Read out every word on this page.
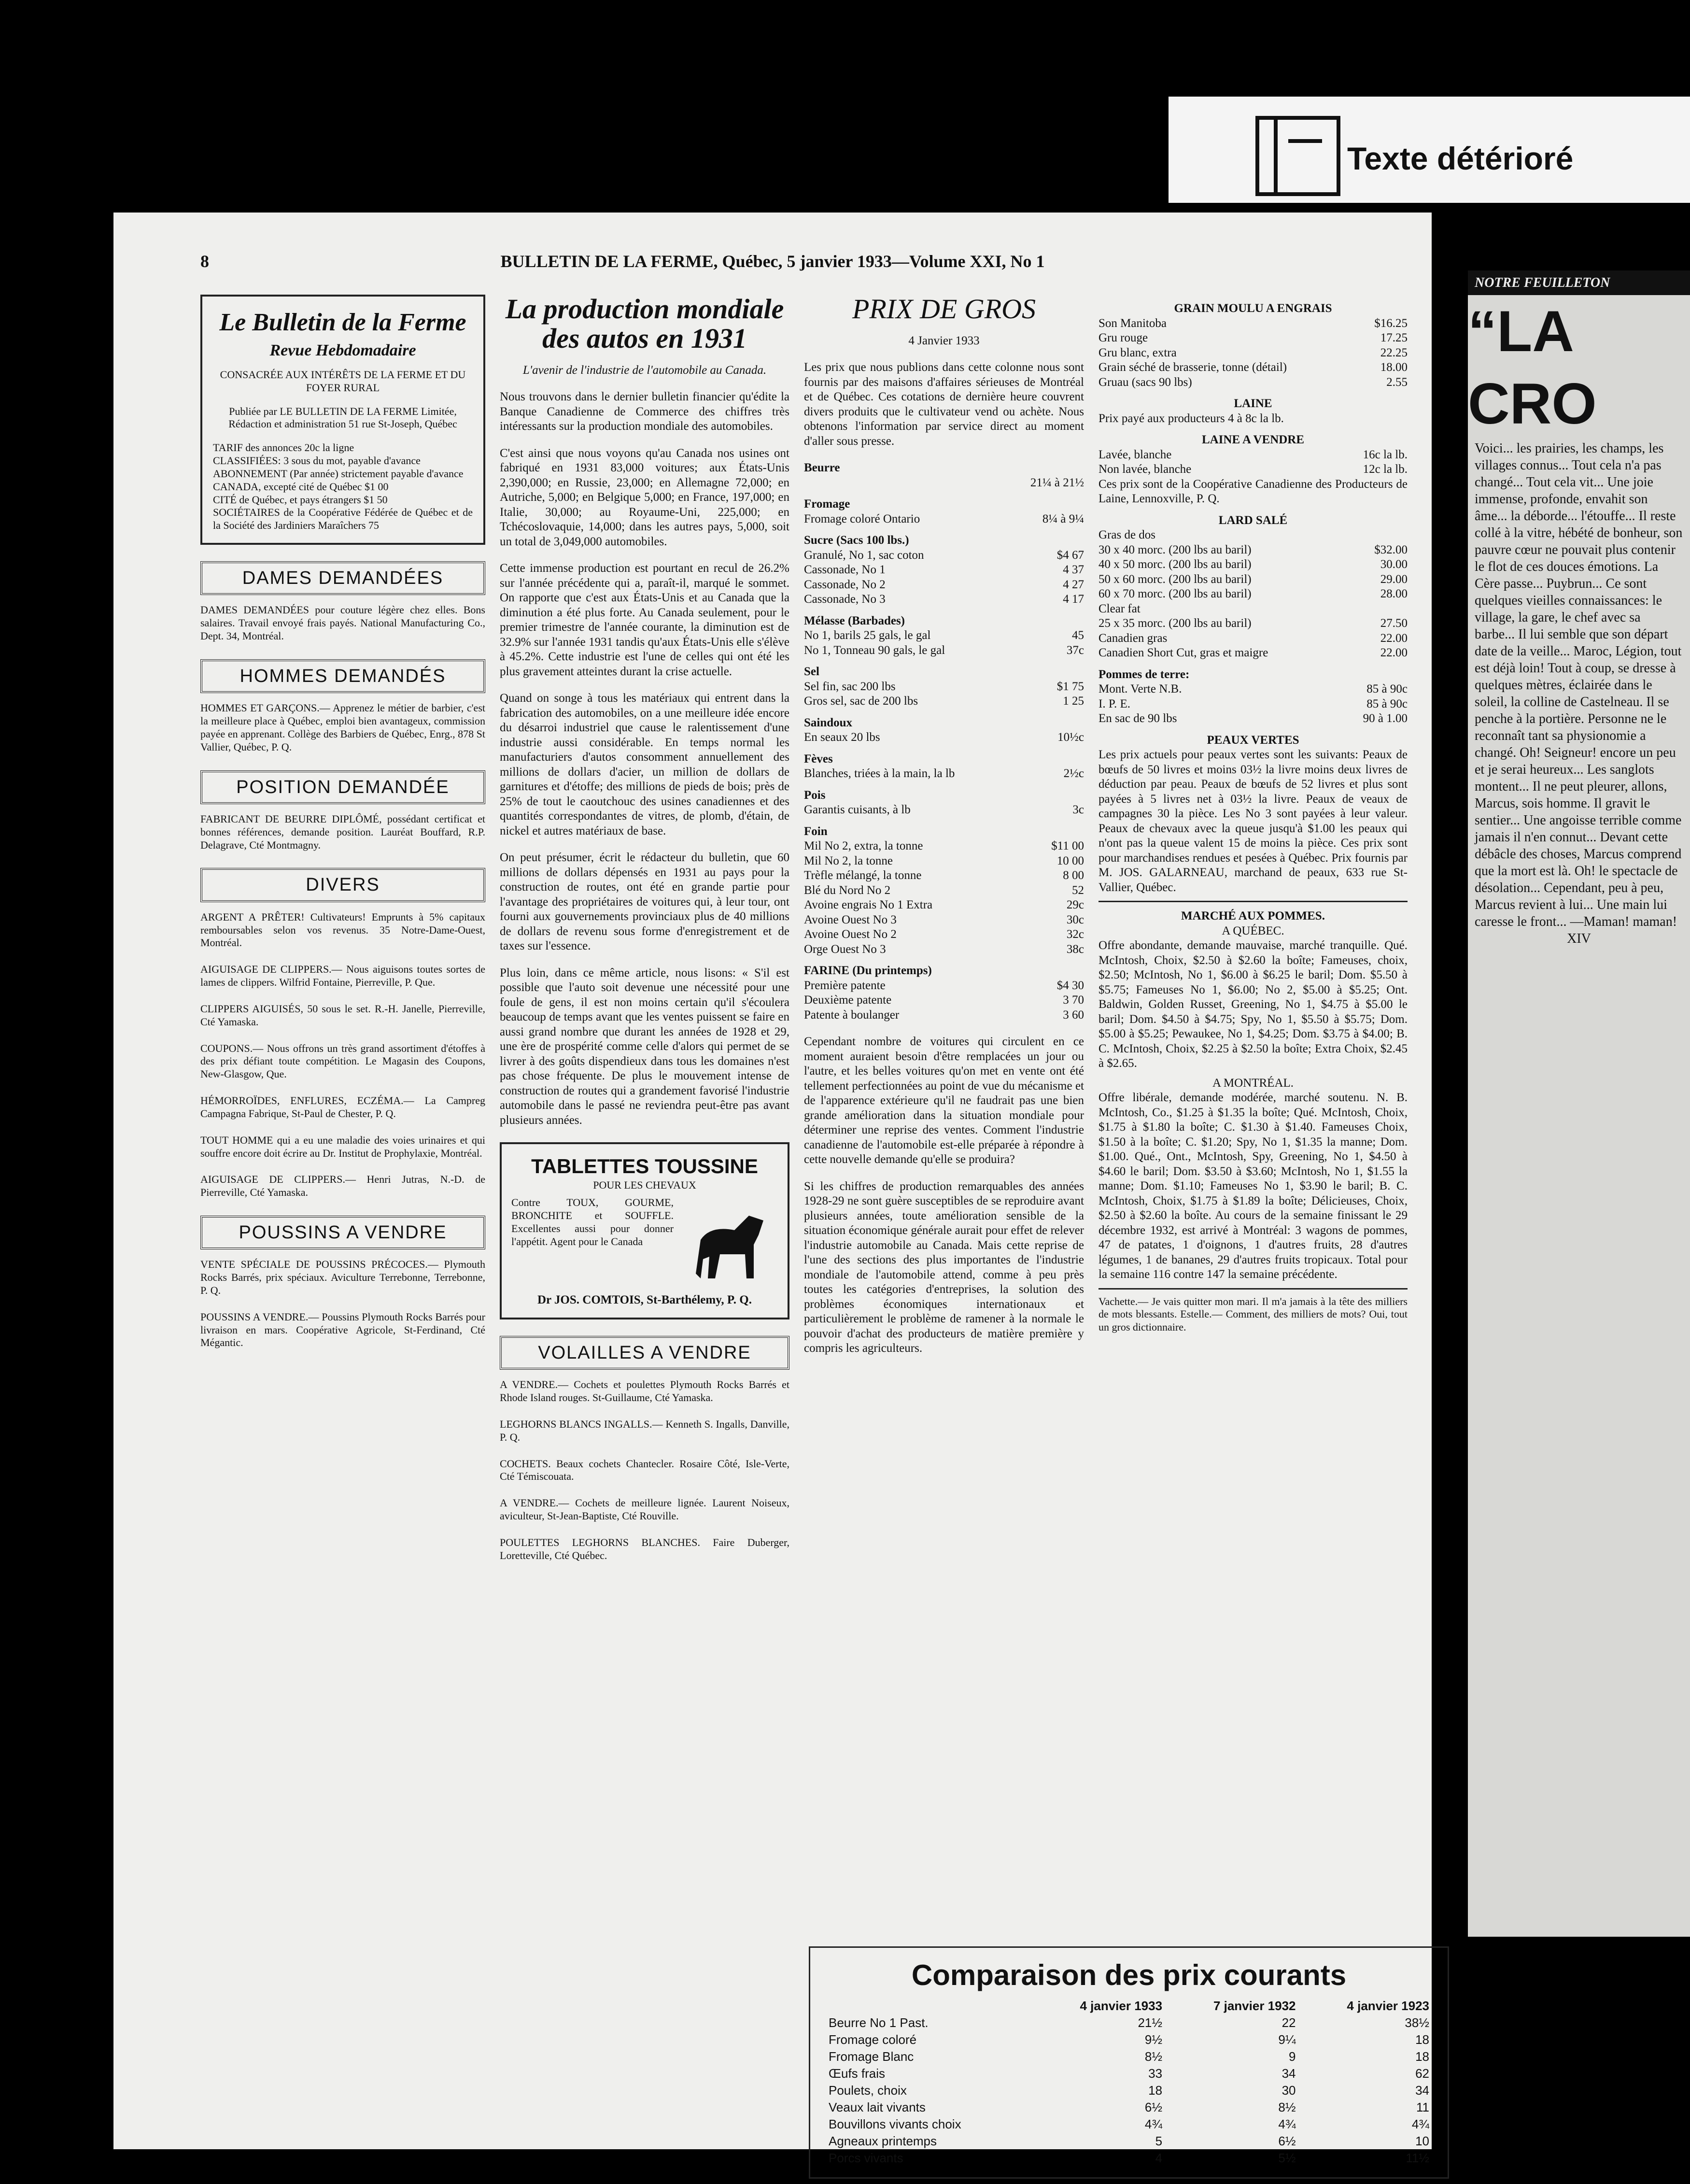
Texte détérioré
8	BULLETIN DE LA FERME, Québec, 5 janvier 1933—Volume XXI, No 1
Le Bulletin de la Ferme
Revue Hebdomadaire
CONSACRÉE AUX INTÉRÊTS DE LA FERME ET DU FOYER RURAL

Publiée par LE BULLETIN DE LA FERME Limitée, Rédaction et administration 51 rue St-Joseph, Québec

TARIF des annonces 20c la ligne
CLASSIFIÉES: 3 sous du mot, payable d'avance
ABONNEMENT (Par année) strictement payable d'avance
CANADA, excepté cité de Québec $1 00
CITÉ de Québec, et pays étrangers $1 50
SOCIÉTAIRES de la Coopérative Fédérée de Québec et de la Société des Jardiniers Maraîchers 75
DAMES DEMANDÉES
DAMES DEMANDÉES pour couture légère chez elles. Bons salaires. Travail envoyé frais payés. National Manufacturing Co., Dept. 34, Montréal.
HOMMES DEMANDÉS
HOMMES ET GARÇONS.— Apprenez le métier de barbier, c'est la meilleure place à Québec, emploi bien avantageux, commission payée en apprenant. Collège des Barbiers de Québec, Enrg., 878 St Vallier, Québec, P. Q.
POSITION DEMANDÉE
FABRICANT DE BEURRE DIPLÔMÉ, possédant certificat et bonnes références, demande position. Lauréat Bouffard, R.P. Delagrave, Cté Montmagny.
DIVERS
ARGENT A PRÊTER! Cultivateurs! Emprunts à 5% capitaux remboursables selon vos revenus. 35 Notre-Dame-Ouest, Montréal.
AIGUISAGE DE CLIPPERS.— Nous aiguisons toutes sortes de lames de clippers. Wilfrid Fontaine, Pierreville, P. Que.
CLIPPERS AIGUISÉS, 50 sous le set. R.-H. Janelle, Pierreville, Cté Yamaska.
COUPONS.— Nous offrons un très grand assortiment d'étoffes à des prix défiant toute compétition. Le Magasin des Coupons, New-Glasgow, Que.
HÉMORROÏDES, ENFLURES, ECZÉMA.— La Campreg Campagna Fabrique, St-Paul de Chester, P. Q.
TOUT HOMME qui a eu une maladie des voies urinaires et qui souffre encore doit écrire au Dr. Institut de Prophylaxie, Montréal.
AIGUISAGE DE CLIPPERS.— Henri Jutras, N.-D. de Pierreville, Cté Yamaska.
POUSSINS A VENDRE
VENTE SPÉCIALE DE POUSSINS PRÉCOCES.— Plymouth Rocks Barrés, prix spéciaux. Aviculture Terrebonne, Terrebonne, P. Q.
POUSSINS A VENDRE.— Poussins Plymouth Rocks Barrés pour livraison en mars. Coopérative Agricole, St-Ferdinand, Cté Mégantic.
La production mondiale des autos en 1931
L'avenir de l'industrie de l'automobile au Canada.

Nous trouvons dans le dernier bulletin financier qu'édite la Banque Canadienne de Commerce des chiffres très intéressants sur la production mondiale des automobiles.

C'est ainsi que nous voyons qu'au Canada nos usines ont fabriqué en 1931 83,000 voitures; aux États-Unis 2,390,000; en Russie, 23,000; en Allemagne 72,000; en Autriche, 5,000; en Belgique 5,000; en France, 197,000; en Italie, 30,000; au Royaume-Uni, 225,000; en Tchécoslovaquie, 14,000; dans les autres pays, 5,000, soit un total de 3,049,000 automobiles.

Cette immense production est pourtant en recul de 26.2% sur l'année précédente qui a, paraît-il, marqué le sommet. On rapporte que c'est aux États-Unis et au Canada que la diminution a été plus forte. Au Canada seulement, pour le premier trimestre de l'année courante, la diminution est de 32.9% sur l'année 1931 tandis qu'aux États-Unis elle s'élève à 45.2%. Cette industrie est l'une de celles qui ont été les plus gravement atteintes durant la crise actuelle.

Quand on songe à tous les matériaux qui entrent dans la fabrication des automobiles, on a une meilleure idée encore du désarroi industriel que cause le ralentissement d'une industrie aussi considérable. En temps normal les manufacturiers d'autos consomment annuellement des millions de dollars d'acier, un million de dollars de garnitures et d'étoffe; des millions de pieds de bois; près de 25% de tout le caoutchouc des usines canadiennes et des quantités correspondantes de vitres, de plomb, d'étain, de nickel et autres matériaux de base.

On peut présumer, écrit le rédacteur du bulletin, que 60 millions de dollars dépensés en 1931 au pays pour la construction de routes, ont été en grande partie pour l'avantage des propriétaires de voitures qui, à leur tour, ont fourni aux gouvernements provinciaux plus de 40 millions de dollars de revenu sous forme d'enregistrement et de taxes sur l'essence.

Plus loin, dans ce même article, nous lisons: « S'il est possible que l'auto soit devenue une nécessité pour une foule de gens, il est non moins certain qu'il s'écoulera beaucoup de temps avant que les ventes puissent se faire en aussi grand nombre que durant les années de 1928 et 29, une ère de prospérité comme celle d'alors qui permet de se livrer à des goûts dispendieux dans tous les domaines n'est pas chose fréquente. De plus le mouvement intense de construction de routes qui a grandement favorisé l'industrie automobile dans le passé ne reviendra peut-être pas avant plusieurs années.

TABLETTES TOUSSINE
POUR LES CHEVAUX
Contre TOUX, GOURME, BRONCHITE et SOUFFLE. Excellentes aussi pour donner l'appétit. Agent pour le Canada
Dr JOS. COMTOIS, St-Barthélemy, P. Q.
VOLAILLES A VENDRE
A VENDRE.— Cochets et poulettes Plymouth Rocks Barrés et Rhode Island rouges. St-Guillaume, Cté Yamaska.
LEGHORNS BLANCS INGALLS.— Kenneth S. Ingalls, Danville, P. Q.
COCHETS. Beaux cochets Chantecler. Rosaire Côté, Isle-Verte, Cté Témiscouata.
A VENDRE.— Cochets de meilleure lignée. Laurent Noiseux, aviculteur, St-Jean-Baptiste, Cté Rouville.
POULETTES LEGHORNS BLANCHES. Faire Duberger, Loretteville, Cté Québec.
PRIX DE GROS
4 Janvier 1933

Les prix que nous publions dans cette colonne nous sont fournis par des maisons d'affaires sérieuses de Montréal et de Québec. Ces cotations de dernière heure couvrent divers produits que le cultivateur vend ou achète. Nous obtenons l'information par service direct au moment d'aller sous presse.

Beurre
21¼ à 21½
Fromage
Fromage coloré Ontario	8¼ à 9¼
Sucre (Sacs 100 lbs.)
Granulé, No 1, sac coton	$4 67
Cassonade, No 1	4 37
Cassonade, No 2	4 27
Cassonade, No 3	4 17
Mélasse (Barbades)
No 1, barils 25 gals, le gal	45
No 1, Tonneau 90 gals, le gal	37c
Sel
Sel fin, sac 200 lbs	$1 75
Gros sel, sac de 200 lbs	1 25
Saindoux
En seaux 20 lbs	10½c
Fèves
Blanches, triées à la main, la lb	2½c
Pois
Garantis cuisants, à lb	3c
Foin
Mil No 2, extra, la tonne	$11 00
Mil No 2, la tonne	10 00
Trèfle mélangé, la tonne	8 00
Blé du Nord No 2	52
Avoine engrais No 1 Extra	29c
Avoine Ouest No 3	30c
Avoine Ouest No 2	32c
Orge Ouest No 3	38c
FARINE (Du printemps)
Première patente	$4 30
Deuxième patente	3 70
Patente à boulanger	3 60

Cependant nombre de voitures qui circulent en ce moment auraient besoin d'être remplacées un jour ou l'autre, et les belles voitures qu'on met en vente ont été tellement perfectionnées au point de vue du mécanisme et de l'apparence extérieure qu'il ne faudrait pas une bien grande amélioration dans la situation mondiale pour déterminer une reprise des ventes. Comment l'industrie canadienne de l'automobile est-elle préparée à répondre à cette nouvelle demande qu'elle se produira?

Si les chiffres de production remarquables des années 1928-29 ne sont guère susceptibles de se reproduire avant plusieurs années, toute amélioration sensible de la situation économique générale aurait pour effet de relever l'industrie automobile au Canada. Mais cette reprise de l'une des sections des plus importantes de l'industrie mondiale de l'automobile attend, comme à peu près toutes les catégories d'entreprises, la solution des problèmes économiques internationaux et particulièrement le problème de ramener à la normale le pouvoir d'achat des producteurs de matière première y compris les agriculteurs.

GRAIN MOULU A ENGRAIS
Son Manitoba	$16.25
Gru rouge	17.25
Gru blanc, extra	22.25
Grain séché de brasserie, tonne (détail)	18.00
Gruau (sacs 90 lbs)	2.55
LAINE
Prix payé aux producteurs 4 à 8c la lb.
LAINE A VENDRE
Lavée, blanche	16c la lb.
Non lavée, blanche	12c la lb.
Ces prix sont de la Coopérative Canadienne des Producteurs de Laine, Lennoxville, P. Q.
LARD SALÉ
Gras de dos
30 x 40 morc. (200 lbs au baril)	$32.00
40 x 50 morc. (200 lbs au baril)	30.00
50 x 60 morc. (200 lbs au baril)	29.00
60 x 70 morc. (200 lbs au baril)	28.00
Clear fat
25 x 35 morc. (200 lbs au baril)	27.50
Canadien gras	22.00
Canadien Short Cut, gras et maigre	22.00
Pommes de terre:
Mont. Verte N.B.	85 à 90c
I. P. E.	85 à 90c
En sac de 90 lbs	90 à 1.00
PEAUX VERTES
Les prix actuels pour peaux vertes sont les suivants: Peaux de bœufs de 50 livres et moins 03½ la livre moins deux livres de déduction par peau. Peaux de bœufs de 52 livres et plus sont payées à 5 livres net à 03½ la livre. Peaux de veaux de campagnes 30 la pièce. Les No 3 sont payées à leur valeur. Peaux de chevaux avec la queue jusqu'à $1.00 les peaux qui n'ont pas la queue valent 15 de moins la pièce. Ces prix sont pour marchandises rendues et pesées à Québec. Prix fournis par M. JOS. GALARNEAU, marchand de peaux, 633 rue St-Vallier, Québec.
MARCHÉ AUX POMMES.
A QUÉBEC.
Offre abondante, demande mauvaise, marché tranquille. Qué. McIntosh, Choix, $2.50 à $2.60 la boîte; Fameuses, choix, $2.50; McIntosh, No 1, $6.00 à $6.25 le baril; Dom. $5.50 à $5.75; Fameuses No 1, $6.00; No 2, $5.00 à $5.25; Ont. Baldwin, Golden Russet, Greening, No 1, $4.75 à $5.00 le baril; Dom. $4.50 à $4.75; Spy, No 1, $5.50 à $5.75; Dom. $5.00 à $5.25; Pewaukee, No 1, $4.25; Dom. $3.75 à $4.00; B. C. McIntosh, Choix, $2.25 à $2.50 la boîte; Extra Choix, $2.45 à $2.65.
A MONTRÉAL.
Offre libérale, demande modérée, marché soutenu. N. B. McIntosh, Co., $1.25 à $1.35 la boîte; Qué. McIntosh, Choix, $1.75 à $1.80 la boîte; C. $1.30 à $1.40. Fameuses Choix, $1.50 à la boîte; C. $1.20; Spy, No 1, $1.35 la manne; Dom. $1.00. Qué., Ont., McIntosh, Spy, Greening, No 1, $4.50 à $4.60 le baril; Dom. $3.50 à $3.60; McIntosh, No 1, $1.55 la manne; Dom. $1.10; Fameuses No 1, $3.90 le baril; B. C. McIntosh, Choix, $1.75 à $1.89 la boîte; Délicieuses, Choix, $2.50 à $2.60 la boîte. Au cours de la semaine finissant le 29 décembre 1932, est arrivé à Montréal: 3 wagons de pommes, 47 de patates, 1 d'oignons, 1 d'autres fruits, 28 d'autres légumes, 1 de bananes, 29 d'autres fruits tropicaux. Total pour la semaine 116 contre 147 la semaine précédente.
Vachette.— Je vais quitter mon mari. Il m'a jamais à la tête des milliers de mots blessants. Estelle.— Comment, des milliers de mots? Oui, tout un gros dictionnaire.
Comparaison des prix courants
	4 janvier 1933	7 janvier 1932	4 janvier 1923
Beurre No 1 Past.	21½	22	38½
Fromage coloré	9½	9¼	18
Fromage Blanc	8½	9	18
Œufs frais	33	34	62
Poulets, choix	18	30	34
Veaux lait vivants	6½	8½	11
Bouvillons vivants choix	4¾	4¾	4¾
Agneaux printemps	5	6½	10
Porcs vivants	4	5½	11½
NOTRE FEUILLETON
“LA CRO
Voici... les prairies, les champs, les villages connus... Tout cela n'a pas changé... Tout cela vit... Une joie immense, profonde, envahit son âme... la déborde... l'étouffe... Il reste collé à la vitre, hébété de bonheur, son pauvre cœur ne pouvait plus contenir le flot de ces douces émotions. La Cère passe... Puybrun... Ce sont quelques vieilles connaissances: le village, la gare, le chef avec sa barbe... Il lui semble que son départ date de la veille... Maroc, Légion, tout est déjà loin! Tout à coup, se dresse à quelques mètres, éclairée dans le soleil, la colline de Castelneau. Il se penche à la portière. Personne ne le reconnaît tant sa physionomie a changé. Oh! Seigneur! encore un peu et je serai heureux... Les sanglots montent... Il ne peut pleurer, allons, Marcus, sois homme. Il gravit le sentier... Une angoisse terrible comme jamais il n'en connut... Devant cette débâcle des choses, Marcus comprend que la mort est là. Oh! le spectacle de désolation... Cependant, peu à peu, Marcus revient à lui... Une main lui caresse le front... —Maman! maman!
XIV
